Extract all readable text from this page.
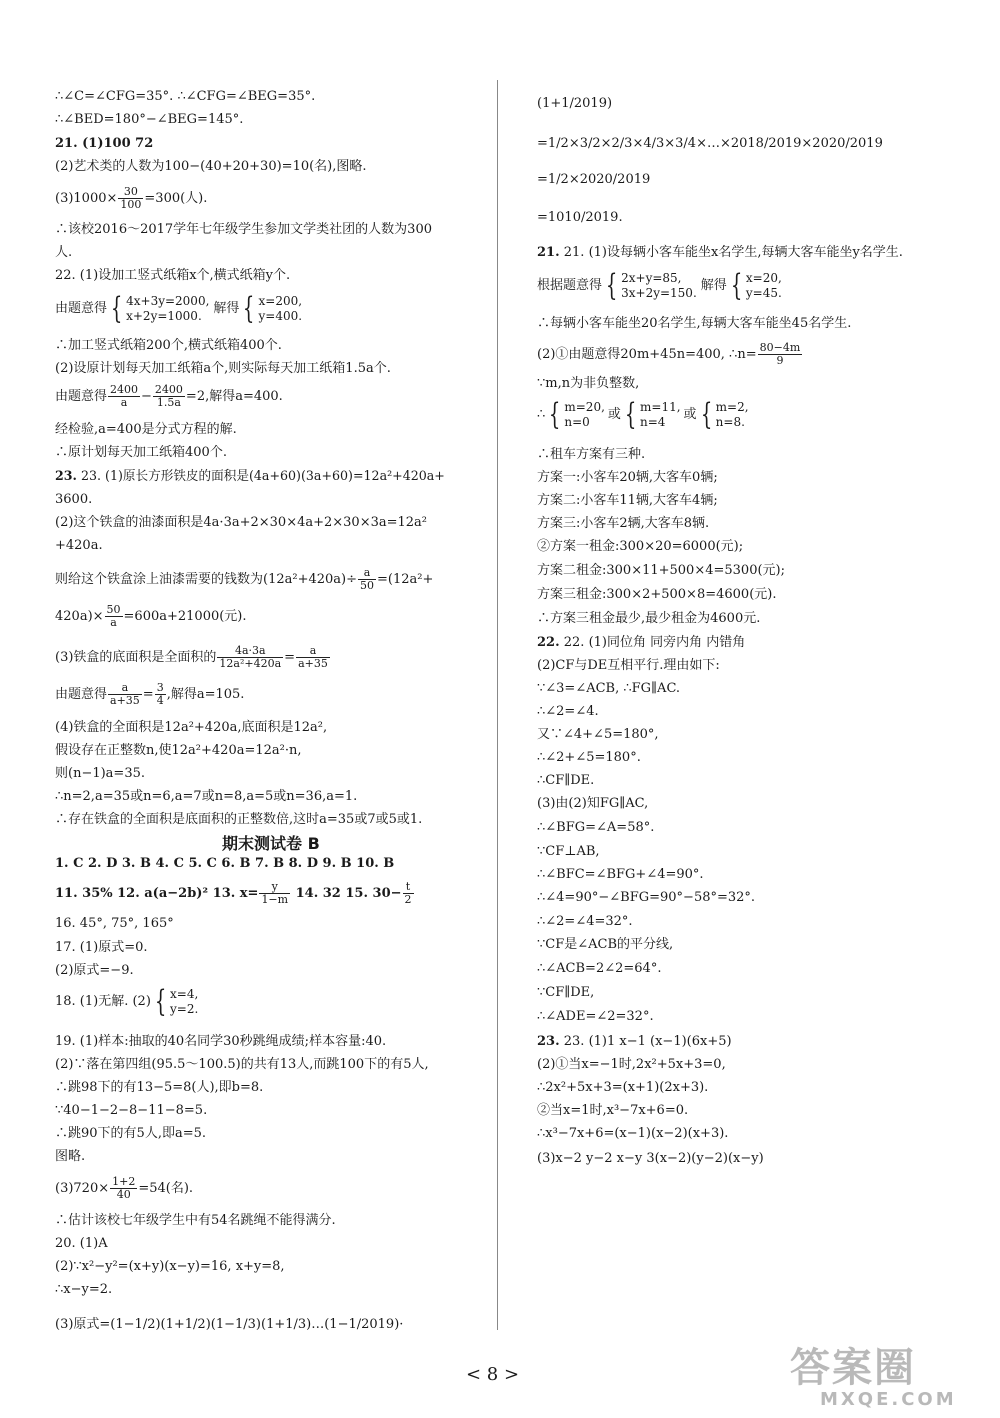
∴∠C=∠CFG=35°. ∴∠CFG=∠BEG=35°.
∴∠BED=180°−∠BEG=145°.
21. (1)100 72
(2)艺术类的人数为100−(40+20+30)=10(名),图略.
$(3)1000\times \frac{30}{100} =300$(人).
∴该校2016～2017学年七年级学生参加文学类社团的人数为300
人.
22. (1)设加工竖式纸箱x个,横式纸箱y个.
由题意得 { 4x+3y=2000,
x+2y=1000. 解得 { x=200,
y=400.
∴加工竖式纸箱200个,横式纸箱400个.
(2)设原计划每天加工纸箱a个,则实际每天加工纸箱1.5a个.
由题意得 $\frac{2400}{a} - \frac{2400}{1.5a} =2$,解得a=400.
经检验,a=400是分式方程的解.
∴原计划每天加工纸箱400个.
23. 23. (1)原长方形铁皮的面积是(4a+60)(3a+60)=12a²+420a+
3600.
(2)这个铁盒的油漆面积是4a·3a+2×30×4a+2×30×3a=12a²
+420a.
则给这个铁盒涂上油漆需要的钱数为$(12a^2+420a)\div \frac{a}{50} =(12a^2+$
$420a)\times \frac{50}{a} =600a+21000$(元).
(3)铁盒的底面积是全面积的 $\frac{4a\cdot 3a}{\text{12a²+420a}} = \frac{a}{a+35}$
由题意得 $\frac{a}{a+35} = \frac{3}{4}$ ,解得a=105.
(4)铁盒的全面积是12a²+420a,底面积是12a²,
假设存在正整数n,使12a²+420a=12a²·n,
则(n−1)a=35.
∴n=2,a=35或n=6,a=7或n=8,a=5或n=36,a=1.
∴存在铁盒的全面积是底面积的正整数倍,这时a=35或7或5或1.
期末测试卷 B
1. C 2. D 3. B 4. C 5. C 6. B 7. B 8. D 9. B 10. B
11. 35% 12. a(a−2b)² 13. $x= \frac{y}{1-m} 14$. 32 15. $30- \frac{t}{2}$
16. 45°, 75°, 165°
17. (1)原式=0.
(2)原式=−9.
18. (1)无解. (2) { x=4,
y=2.
19. (1)样本:抽取的40名同学30秒跳绳成绩;样本容量:40.
(2)∵落在第四组(95.5～100.5)的共有13人,而跳100下的有5人,
∴跳98下的有13−5=8(人),即b=8.
∵40−1−2−8−11−8=5.
∴跳90下的有5人,即a=5.
图略.
$(3)720\times \frac{1+2}{40} =54$(名).
∴估计该校七年级学生中有54名跳绳不能得满分.
20. (1)A
(2)∵x²−y²=(x+y)(x−y)=16, x+y=8,
∴x−y=2.
(3)原式=(1−1/2)(1+1/2)(1−1/3)(1+1/3)…(1−1/2019)·
(1+1/2019)
=1/2×3/2×2/3×4/3×3/4×…×2018/2019×2020/2019
=1/2×2020/2019
=1010/2019.
21. 21. (1)设每辆小客车能坐x名学生,每辆大客车能坐y名学生.
根据题意得 { 2x+y=85,
3x+2y=150. 解得 { x=20,
y=45.
∴每辆小客车能坐20名学生,每辆大客车能坐45名学生.
(2)①由题意得20m+45n=400, ∴n= $\frac{80-4m}{9}$
∵m,n为非负整数,
∴ { m=20,
n=0	或 { m=11,
n=4	或 { m=2,
n=8.
∴租车方案有三种.
方案一:小客车20辆,大客车0辆;
方案二:小客车11辆,大客车4辆;
方案三:小客车2辆,大客车8辆.
②方案一租金:300×20=6000(元);
方案二租金:300×11+500×4=5300(元);
方案三租金:300×2+500×8=4600(元).
∴方案三租金最少,最少租金为4600元.
22. 22. (1)同位角 同旁内角 内错角
(2)CF与DE互相平行.理由如下:
∵∠3=∠ACB, ∴FG∥AC.
∴∠2=∠4.
又∵∠4+∠5=180°,
∴∠2+∠5=180°.
∴CF∥DE.
(3)由(2)知FG∥AC,
∴∠BFG=∠A=58°.
∵CF⊥AB,
∴∠BFC=∠BFG+∠4=90°.
∴∠4=90°−∠BFG=90°−58°=32°.
∴∠2=∠4=32°.
∵CF是∠ACB的平分线,
∴∠ACB=2∠2=64°.
∵CF∥DE,
∴∠ADE=∠2=32°.
23. 23. (1)1 x−1 (x−1)(6x+5)
(2)①当x=−1时,2x²+5x+3=0,
∴2x²+5x+3=(x+1)(2x+3).
②当x=1时,x³−7x+6=0.
∴x³−7x+6=(x−1)(x−2)(x+3).
(3)x−2 y−2 x−y 3(x−2)(y−2)(x−y)
< 8 >	答案圈
MXQE.COM
